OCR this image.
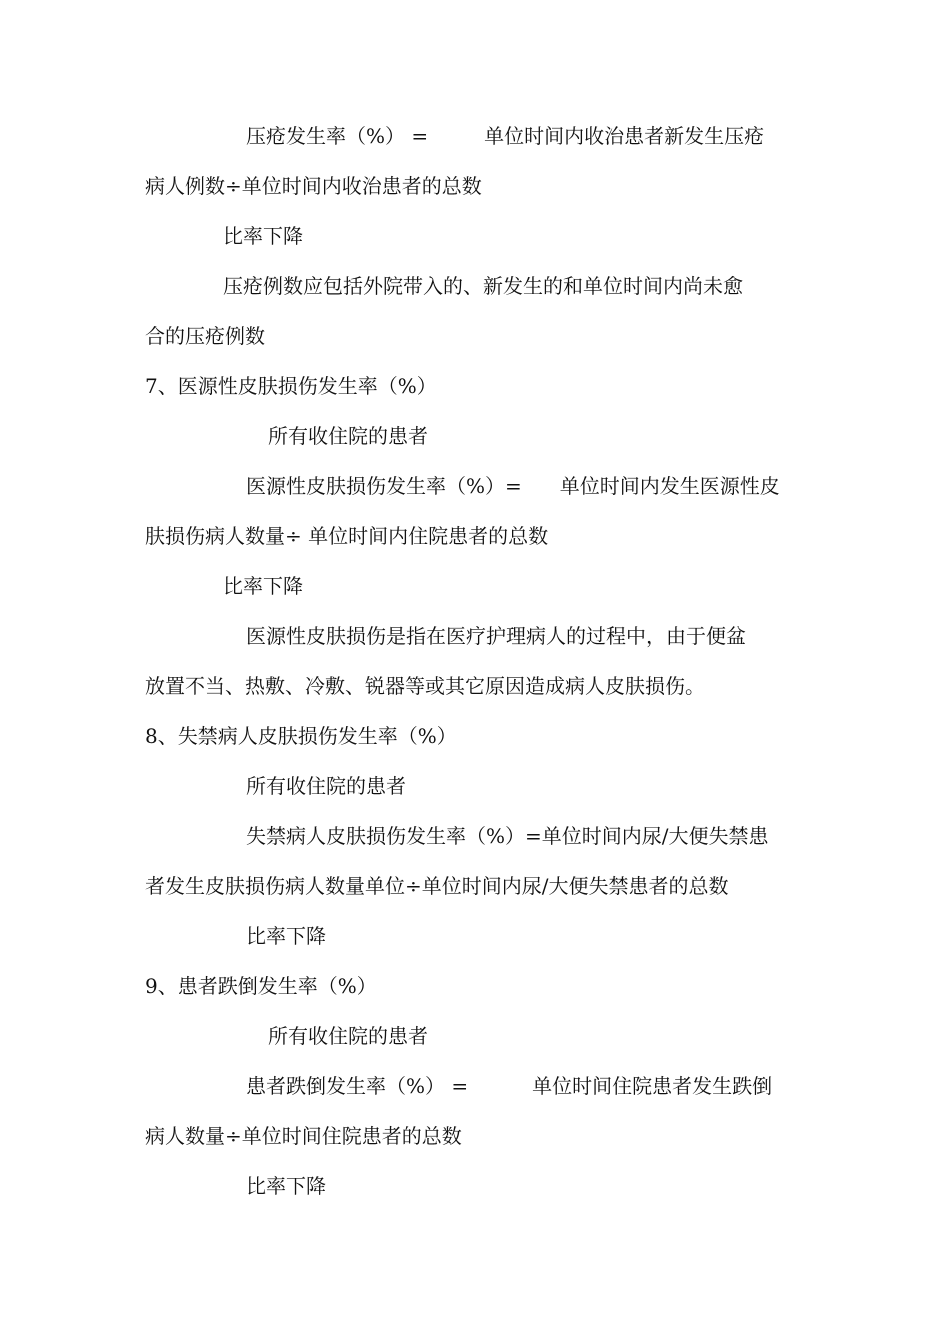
压疮发生率（%） =	单位时间内收治患者新发生压疮
病人例数÷单位时间内收治患者的总数
比率下降
压疮例数应包括外院带入的、新发生的和单位时间内尚未愈
合的压疮例数
7、医源性皮肤损伤发生率（%）
所有收住院的患者
医源性皮肤损伤发生率（%）= 单位时间内发生医源性皮
肤损伤病人数量÷ 单位时间内住院患者的总数
比率下降
医源性皮肤损伤是指在医疗护理病人的过程中，由于便盆
放置不当、热敷、冷敷、锐器等或其它原因造成病人皮肤损伤。
8、失禁病人皮肤损伤发生率（%）
所有收住院的患者
失禁病人皮肤损伤发生率（%）=单位时间内尿/大便失禁患
者发生皮肤损伤病人数量单位÷单位时间内尿/大便失禁患者的总数
比率下降
9、患者跌倒发生率（%）
所有收住院的患者
患者跌倒发生率（%） =	单位时间住院患者发生跌倒
病人数量÷单位时间住院患者的总数
比率下降
